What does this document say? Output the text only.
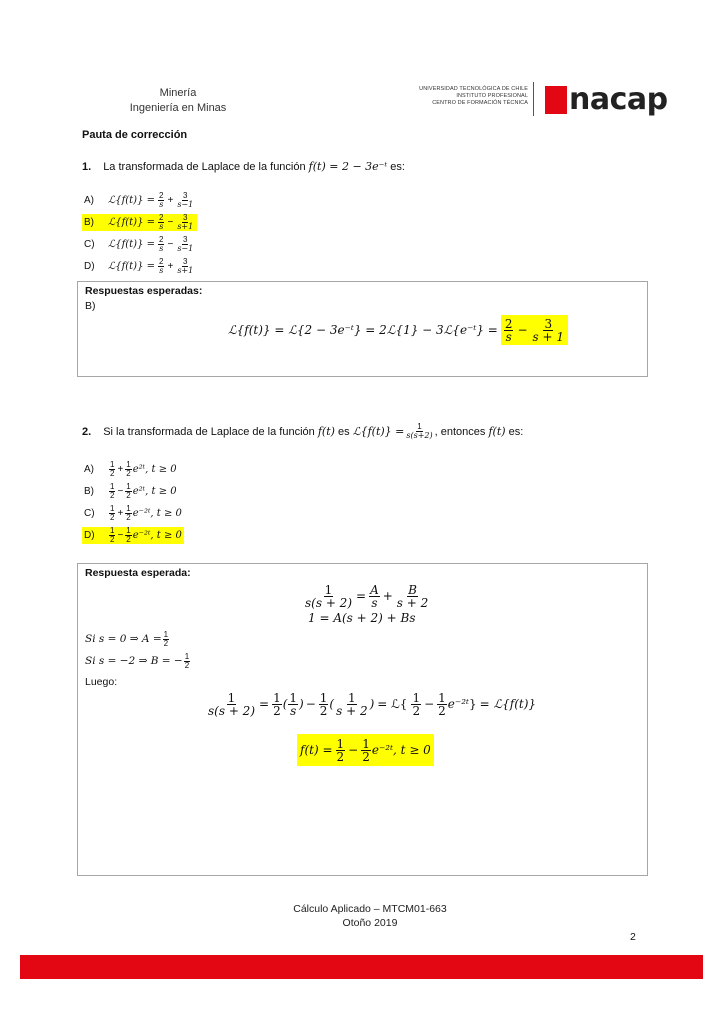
Minería
Ingeniería en Minas
UNIVERSIDAD TECNOLÓGICA DE CHILE
INSTITUTO PROFESIONAL
CENTRO DE FORMACIÓN TÉCNICA nacap
Pauta de corrección
1. La transformada de Laplace de la función f(t) = 2 − 3e⁻ᵗ es:
A)	ℒ{f(t)} = $\frac{2}{s} + \frac{3}{s-1}$
B)	ℒ{f(t)} = $\frac{2}{s} - \frac{3}{s+1}$
C)	ℒ{f(t)} = $\frac{2}{s} - \frac{3}{s-1}$
D)	ℒ{f(t)} = $\frac{2}{s} + \frac{3}{s+1}$
Respuestas esperadas:
B)
ℒ{f(t)} = ℒ{2 − 3e⁻ᵗ} = 2ℒ{1} − 3ℒ{e⁻ᵗ} = $\frac{2}{s} - \frac{3}{s + 1}$
2. Si la transformada de Laplace de la función
f(t)
es
ℒ{f(t)} = $\frac{1}{s(s+2)}$ , entonces
f(t)
es:
A)	$\frac{1}{2} + \frac{1}{2}$ e²ᵗ, t ≥ 0
B)	$\frac{1}{2} - \frac{1}{2}$ e²ᵗ, t ≥ 0
C)	$\frac{1}{2} + \frac{1}{2}$ e⁻²ᵗ, t ≥ 0
D)	$\frac{1}{2} - \frac{1}{2}$ e⁻²ᵗ, t ≥ 0
Respuesta esperada:
$\frac{1}{s(s + 2)} = \frac{A}{s} + \frac{B}{s + 2}$
1 = A(s + 2) + Bs
Si s = 0 ⇒ $A = \frac{1}{2}$
Si s = −2 ⇒ B = − $\frac{1}{2}$
Luego:
$\frac{1}{s(s + 2)} = \frac{1}{2}$ ( $\frac{1}{s}$ ) − $\frac{1}{2}$ ( $\frac{1}{s + 2}$ ) = ℒ{ $\frac{1}{2} - \frac{1}{2}$ e⁻²ᵗ } = ℒ{f(t)}
$f(t) = \frac{1}{2} - \frac{1}{2}$ e⁻²ᵗ, t ≥ 0
Cálculo Aplicado – MTCM01-663
Otoño 2019
2
